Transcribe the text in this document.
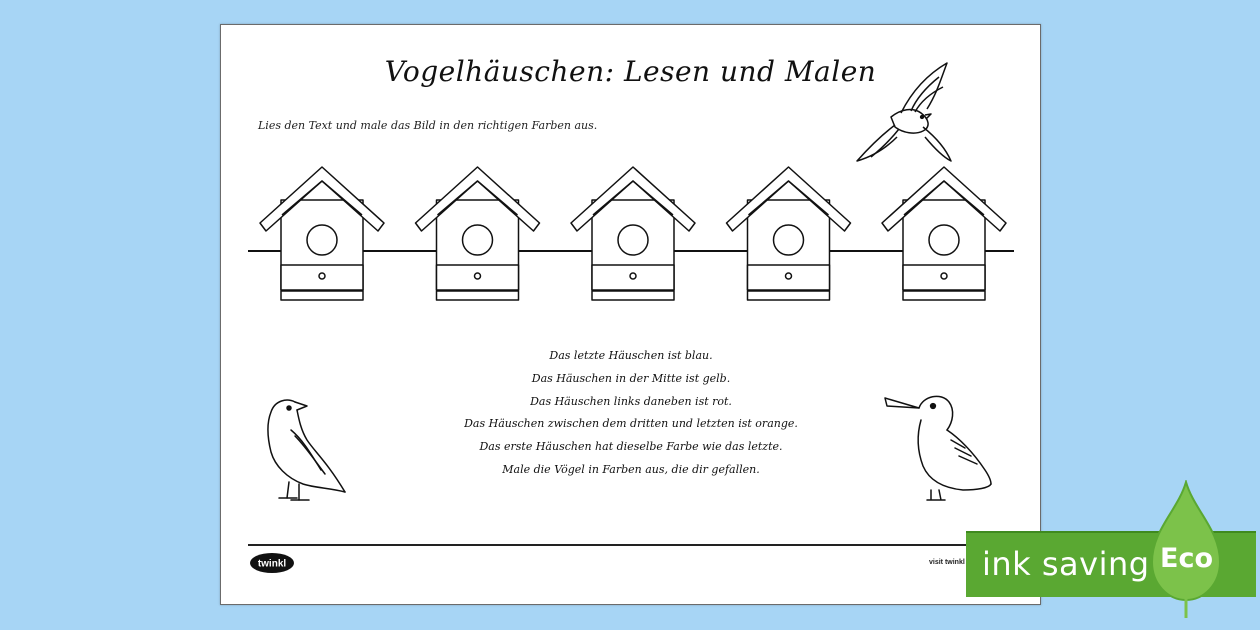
Vogelhäuschen: Lesen und Malen
Lies den Text und male das Bild in den richtigen Farben aus.
Das letzte Häuschen ist blau.
Das Häuschen in der Mitte ist gelb.
Das Häuschen links daneben ist rot.
Das Häuschen zwischen dem dritten und letzten ist orange.
Das erste Häuschen hat dieselbe Farbe wie das letzte.
Male die Vögel in Farben aus, die dir gefallen.
twinkl	visit twinkl ink saving Eco
